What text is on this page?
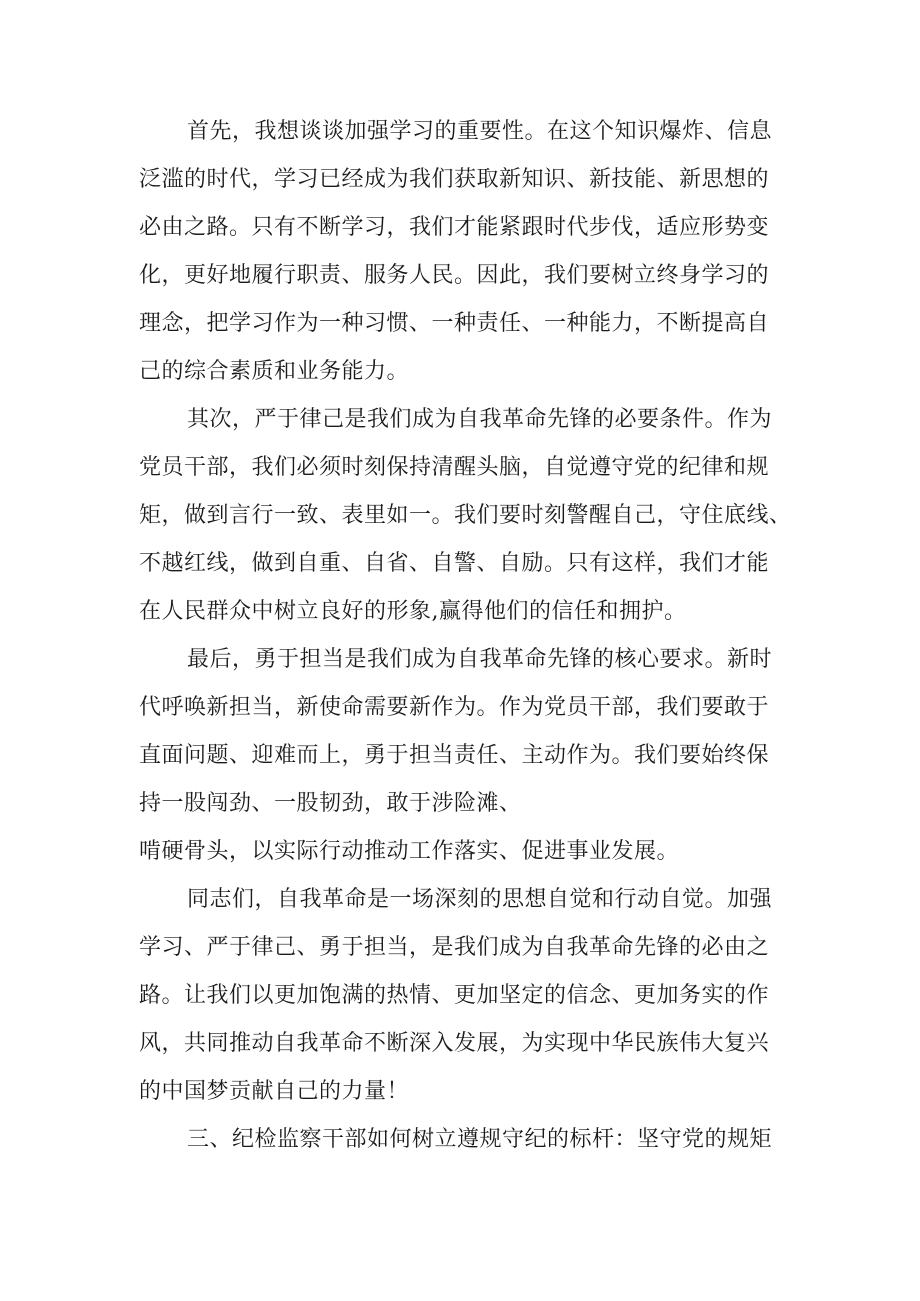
首先，我想谈谈加强学习的重要性。在这个知识爆炸、信息
泛滥的时代，学习已经成为我们获取新知识、新技能、新思想的
必由之路。只有不断学习，我们才能紧跟时代步伐，适应形势变
化，更好地履行职责、服务人民。因此，我们要树立终身学习的
理念，把学习作为一种习惯、一种责任、一种能力，不断提高自
己的综合素质和业务能力。

其次，严于律己是我们成为自我革命先锋的必要条件。作为
党员干部，我们必须时刻保持清醒头脑，自觉遵守党的纪律和规
矩，做到言行一致、表里如一。我们要时刻警醒自己，守住底线、
不越红线，做到自重、自省、自警、自励。只有这样，我们才能
在人民群众中树立良好的形象,赢得他们的信任和拥护。

最后，勇于担当是我们成为自我革命先锋的核心要求。新时
代呼唤新担当，新使命需要新作为。作为党员干部，我们要敢于
直面问题、迎难而上，勇于担当责任、主动作为。我们要始终保
持一股闯劲、一股韧劲，敢于涉险滩、
啃硬骨头，以实际行动推动工作落实、促进事业发展。

同志们，自我革命是一场深刻的思想自觉和行动自觉。加强
学习、严于律己、勇于担当，是我们成为自我革命先锋的必由之
路。让我们以更加饱满的热情、更加坚定的信念、更加务实的作
风，共同推动自我革命不断深入发展，为实现中华民族伟大复兴
的中国梦贡献自己的力量！

三、纪检监察干部如何树立遵规守纪的标杆：坚守党的规矩
